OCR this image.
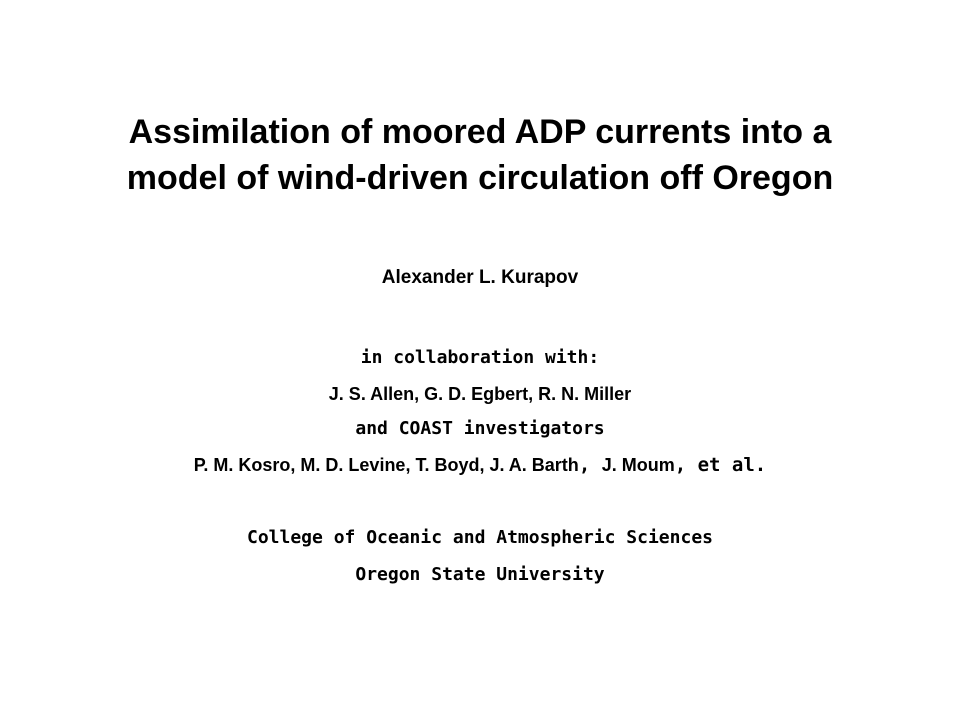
Assimilation of moored ADP currents into a
model of wind-driven circulation off Oregon
Alexander L. Kurapov
in collaboration with:
J. S. Allen, G. D. Egbert, R. N. Miller
and COAST investigators
P. M. Kosro, M. D. Levine, T. Boyd, J. A. Barth, J. Moum, et al.
College of Oceanic and Atmospheric Sciences
Oregon State University
